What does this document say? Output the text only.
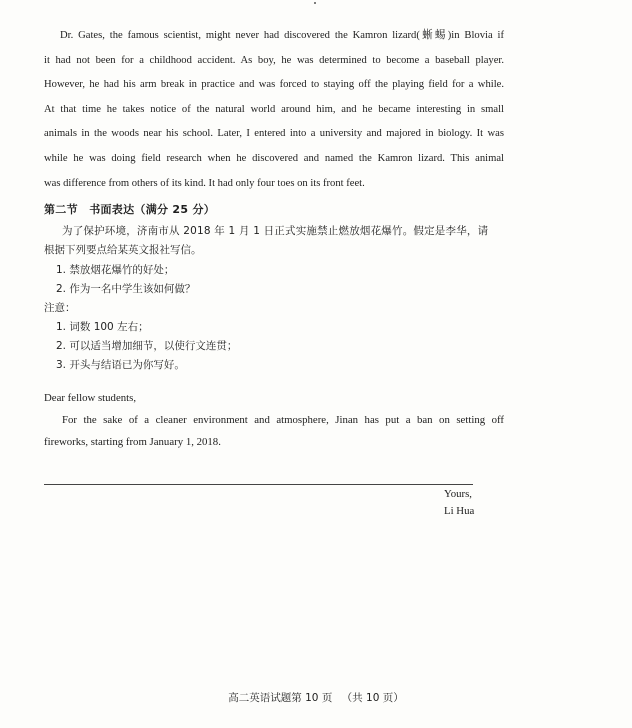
Dr. Gates, the famous scientist, might never had discovered the Kamron lizard(蜥蜴)in Blovia if
it had not been for a childhood accident. As boy, he was determined to become a baseball player.
However, he had his arm break in practice and was forced to staying off the playing field for a while.
At that time he takes notice of the natural world around him, and he became interesting in small
animals in the woods near his school. Later, I entered into a university and majored in biology. It was
while he was doing field research when he discovered and named the Kamron lizard. This animal
was difference from others of its kind. It had only four toes on its front feet.
第二节　书面表达（满分 25 分）
为了保护环境，济南市从 2018 年 1 月 1 日正式实施禁止燃放烟花爆竹。假定是李华，请
根据下列要点给某英文报社写信。
1. 禁放烟花爆竹的好处；
2. 作为一名中学生该如何做？
注意：
1. 词数 100 左右；
2. 可以适当增加细节，以使行文连贯；
3. 开头与结语已为你写好。
Dear fellow students,
For the sake of a cleaner environment and atmosphere, Jinan has put a ban on setting off
fireworks, starting from January 1, 2018.
Yours,
Li Hua
高二英语试题第 10 页 （共 10 页）
